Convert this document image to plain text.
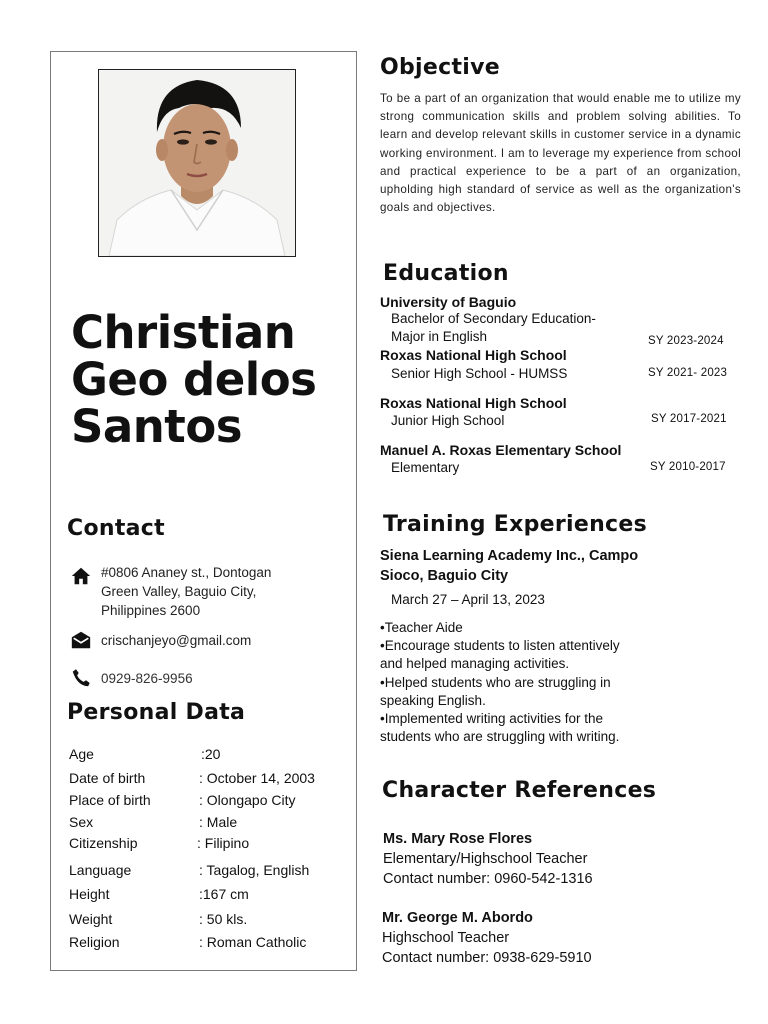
Christian
Geo delos
Santos
Contact
#0806 Ananey st., Dontogan
Green Valley, Baguio City,
Philippines 2600
crischanjeyo@gmail.com
0929-826-9956
Personal Data
Age	:20
Date of birth	: October 14, 2003
Place of birth	: Olongapo City
Sex	: Male
Citizenship	: Filipino
Language	: Tagalog, English
Height	:167 cm
Weight	: 50 kls.
Religion	: Roman Catholic
Objective
To be a part of an organization that would enable me to utilize my strong communication skills and problem solving abilities. To learn and develop relevant skills in customer service in a dynamic working environment. I am to leverage my experience from school and practical experience to be a part of an organization, upholding high standard of service as well as the organization's goals and objectives.
Education
University of Baguio
Bachelor of Secondary Education-
Major in English	SY 2023-2024
Roxas National High School
Senior High School - HUMSS	SY 2021- 2023
Roxas National High School
Junior High School	SY 2017-2021
Manuel A. Roxas Elementary School
Elementary	SY 2010-2017
Training Experiences
Siena Learning Academy Inc., Campo
Sioco, Baguio City
March 27 – April 13, 2023
•Teacher Aide
•Encourage students to listen attentively
and helped managing activities.
•Helped students who are struggling in
speaking English.
•Implemented writing activities for the
students who are struggling with writing.
Character References
Ms. Mary Rose Flores
Elementary/Highschool Teacher
Contact number: 0960-542-1316
Mr. George M. Abordo
Highschool Teacher
Contact number: 0938-629-5910
